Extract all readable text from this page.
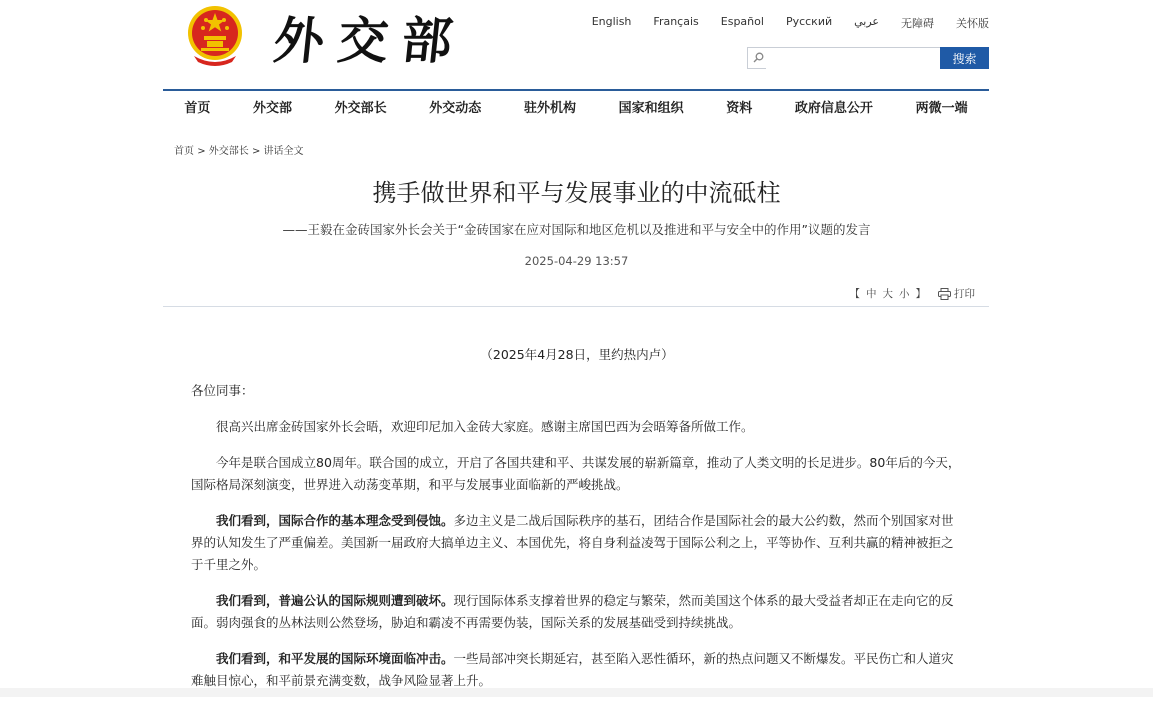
外交部	English Français Español Русский عربي 无障碍 关怀版
搜索
首页	外交部	外交部长	外交动态	驻外机构	国家和组织	资料	政府信息公开	两微一端
首页 > 外交部长 > 讲话全文
携手做世界和平与发展事业的中流砥柱
——王毅在金砖国家外长会关于“金砖国家在应对国际和地区危机以及推进和平与安全中的作用”议题的发言
2025-04-29 13:57
【 中 大 小 】	打印

（2025年4月28日，里约热内卢）

各位同事：

很高兴出席金砖国家外长会晤，欢迎印尼加入金砖大家庭。感谢主席国巴西为会晤筹备所做工作。

今年是联合国成立80周年。联合国的成立，开启了各国共建和平、共谋发展的崭新篇章，推动了人类文明的长足进步。80年后的今天，国际格局深刻演变，世界进入动荡变革期，和平与发展事业面临新的严峻挑战。

我们看到，国际合作的基本理念受到侵蚀。多边主义是二战后国际秩序的基石，团结合作是国际社会的最大公约数，然而个别国家对世界的认知发生了严重偏差。美国新一届政府大搞单边主义、本国优先，将自身利益凌驾于国际公利之上，平等协作、互利共赢的精神被拒之于千里之外。

我们看到，普遍公认的国际规则遭到破坏。现行国际体系支撑着世界的稳定与繁荣，然而美国这个体系的最大受益者却正在走向它的反面。弱肉强食的丛林法则公然登场，胁迫和霸凌不再需要伪装，国际关系的发展基础受到持续挑战。

我们看到，和平发展的国际环境面临冲击。一些局部冲突长期延宕，甚至陷入恶性循环，新的热点问题又不断爆发。平民伤亡和人道灾难触目惊心，和平前景充满变数，战争风险显著上升。
